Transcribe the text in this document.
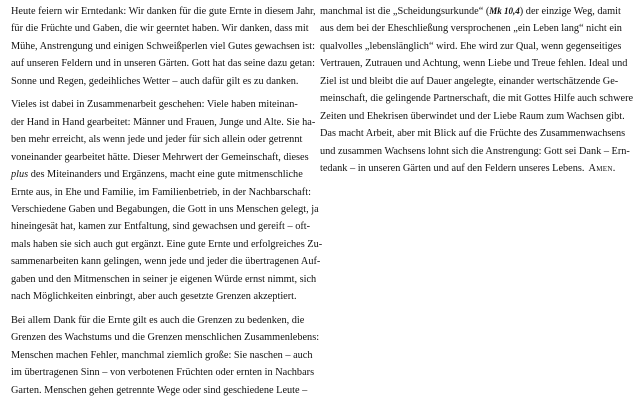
Heute feiern wir Erntedank: Wir danken für die gute Ernte in diesem Jahr,
für die Früchte und Gaben, die wir geerntet haben. Wir danken, dass mit
Mühe, Anstrengung und einigen Schweißperlen viel Gutes gewachsen ist:
auf unseren Feldern und in unseren Gärten. Gott hat das seine dazu getan:
Sonne und Regen, gedeihliches Wetter – auch dafür gilt es zu danken.
Vieles ist dabei in Zusammenarbeit geschehen: Viele haben miteinan-
der Hand in Hand gearbeitet: Männer und Frauen, Junge und Alte. Sie ha-
ben mehr erreicht, als wenn jede und jeder für sich allein oder getrennt
voneinander gearbeitet hätte. Dieser Mehrwert der Gemeinschaft, dieses
plus des Miteinanders und Ergänzens, macht eine gute mitmenschliche
Ernte aus, in Ehe und Familie, im Familienbetrieb, in der Nachbarschaft:
Verschiedene Gaben und Begabungen, die Gott in uns Menschen gelegt, ja
hineingesät hat, kamen zur Entfaltung, sind gewachsen und gereift – oft-
mals haben sie sich auch gut ergänzt. Eine gute Ernte und erfolgreiches Zu-
sammenarbeiten kann gelingen, wenn jede und jeder die übertragenen Auf-
gaben und den Mitmenschen in seiner je eigenen Würde ernst nimmt, sich
nach Möglichkeiten einbringt, aber auch gesetzte Grenzen akzeptiert.
Bei allem Dank für die Ernte gilt es auch die Grenzen zu bedenken, die
Grenzen des Wachstums und die Grenzen menschlichen Zusammenlebens:
Menschen machen Fehler, manchmal ziemlich große: Sie naschen – auch
im übertragenen Sinn – von verbotenen Früchten oder ernten in Nachbars
Garten. Menschen gehen getrennte Wege oder sind geschiedene Leute –
manchmal ist die „Scheidungsurkunde“ (Mk 10,4) der einzige Weg, damit
aus dem bei der Eheschließung versprochenen „ein Leben lang“ nicht ein
qualvolles „lebenslänglich“ wird. Ehe wird zur Qual, wenn gegenseitiges
Vertrauen, Zutrauen und Achtung, wenn Liebe und Treue fehlen. Ideal und
Ziel ist und bleibt die auf Dauer angelegte, einander wertschätzende Ge-
meinschaft, die gelingende Partnerschaft, die mit Gottes Hilfe auch schwere
Zeiten und Ehekrisen überwindet und der Liebe Raum zum Wachsen gibt.
Das macht Arbeit, aber mit Blick auf die Früchte des Zusammenwachsens
und zusammen Wachsens lohnt sich die Anstrengung: Gott sei Dank – Ern-
tedank – in unseren Gärten und auf den Feldern unseres Lebens. Amen.
